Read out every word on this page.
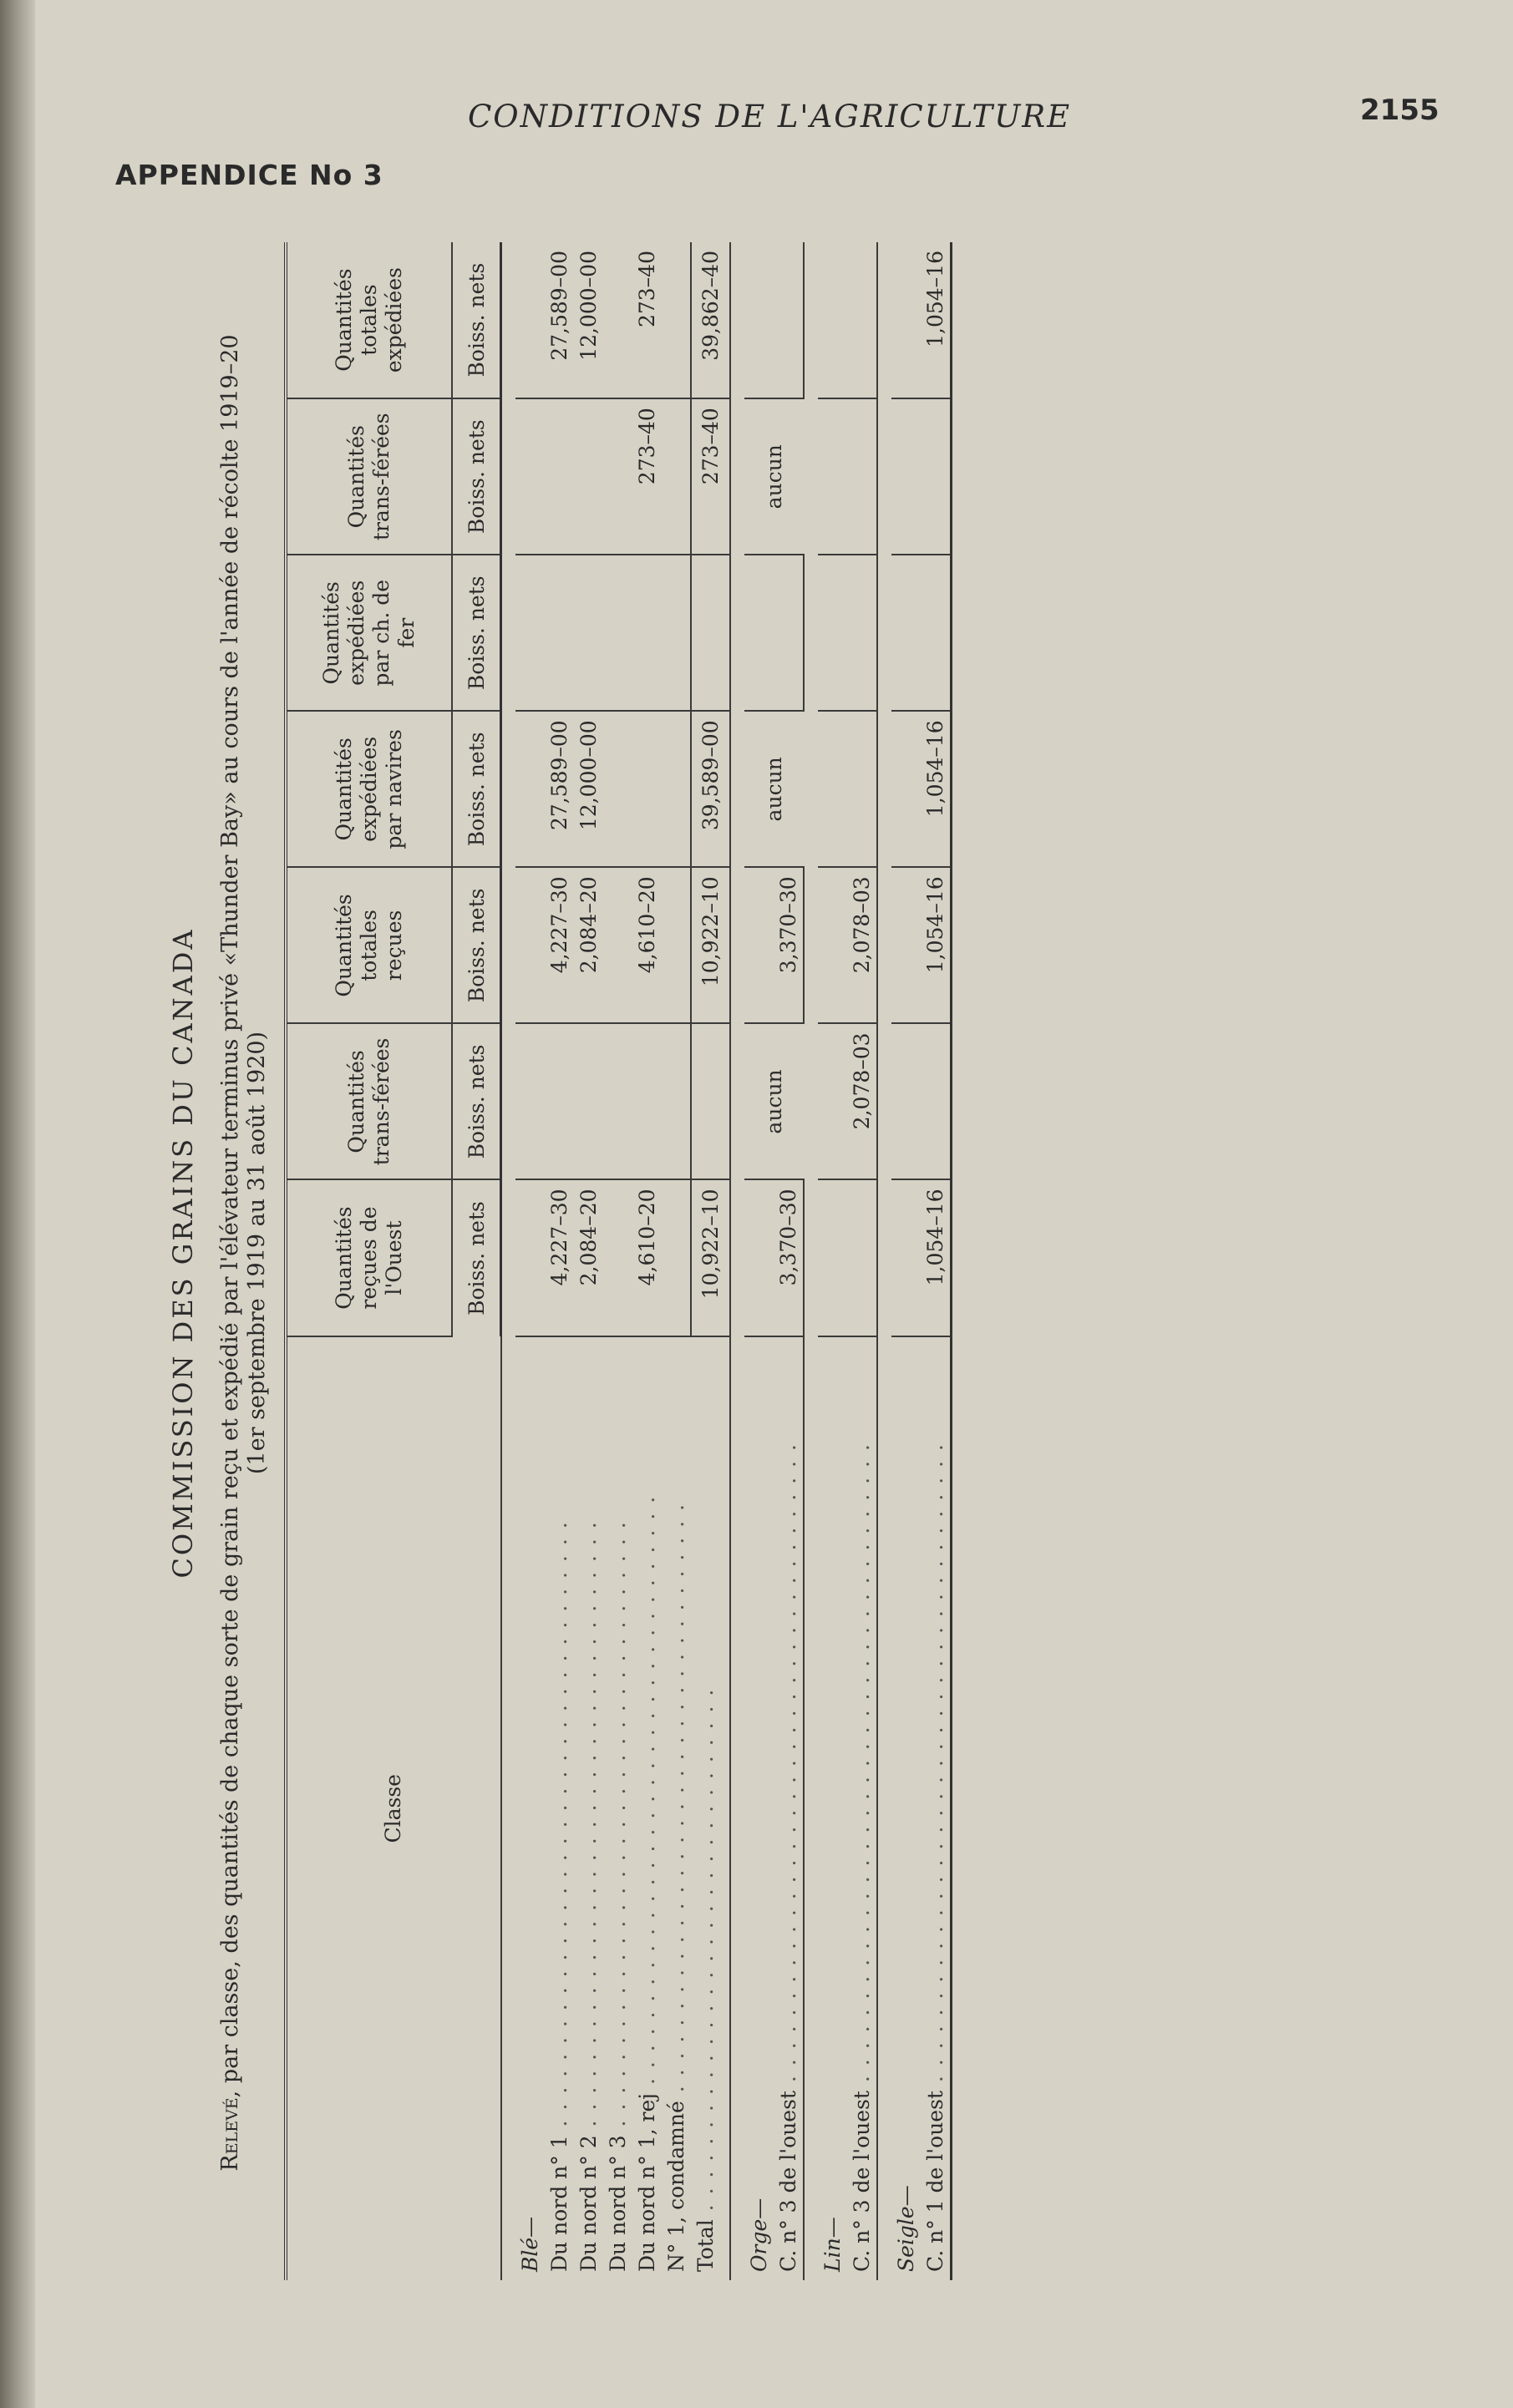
CONDITIONS DE L'AGRICULTURE	2155
APPENDICE No 3
COMMISSION DES GRAINS DU CANADA
Relevé, par classe, des quantités de chaque sorte de grain reçu et expédié par l'élévateur terminus privé «Thunder Bay» au cours de l'année de récolte 1919–20 (1er septembre 1919 au 31 août 1920)
Classe	Quantités reçues de l'Ouest	Quantités trans-férées	Quantités totales reçues	Quantités expédiées par navires	Quantités expédiées par ch. de fer	Quantités trans-férées	Quantités totales expédiées
	Boiss. nets	Boiss. nets	Boiss. nets	Boiss. nets	Boiss. nets	Boiss. nets	Boiss. nets

Blé—							
Du nord n° 1 . . . . . . . . . . . . . . . . . . . . . . . . . . . . . . . . . . . . .	4,227–30		4,227–30	27,589–00			27,589–00
Du nord n° 2 . . . . . . . . . . . . . . . . . . . . . . . . . . . . . . . . . . . . .	2,084–20		2,084–20	12,000–00			12,000–00
Du nord n° 3 . . . . . . . . . . . . . . . . . . . . . . . . . . . . . . . . . . . . .							
Du nord n° 1, rej . . . . . . . . . . . . . . . . . . . . . . . . . . . . . . . . . . . .	4,610–20		4,610–20			273–40	273–40
N° 1, condamné . . . . . . . . . . . . . . . . . . . . . . . . . . . . . . . . . . . .							
Total . . . . . . . . . . . . . . . . . . . . . . . . . . . . . . . .	10,922–10		10,922–10	39,589–00		273–40	39,862–40

Orge—		aucun		aucun		aucun	
C. n° 3 de l'ouest . . . . . . . . . . . . . . . . . . . . . . . . . . . . . . . . . . . . . . .	3,370–30		3,370–30				

Lin—							
C. n° 3 de l'ouest . . . . . . . . . . . . . . . . . . . . . . . . . . . . . . . . . . . . . . .		2,078–03	2,078–03				

Seigle—							
C. n° 1 de l'ouest . . . . . . . . . . . . . . . . . . . . . . . . . . . . . . . . . . . . . . .	1,054–16		1,054–16	1,054–16			1,054–16
